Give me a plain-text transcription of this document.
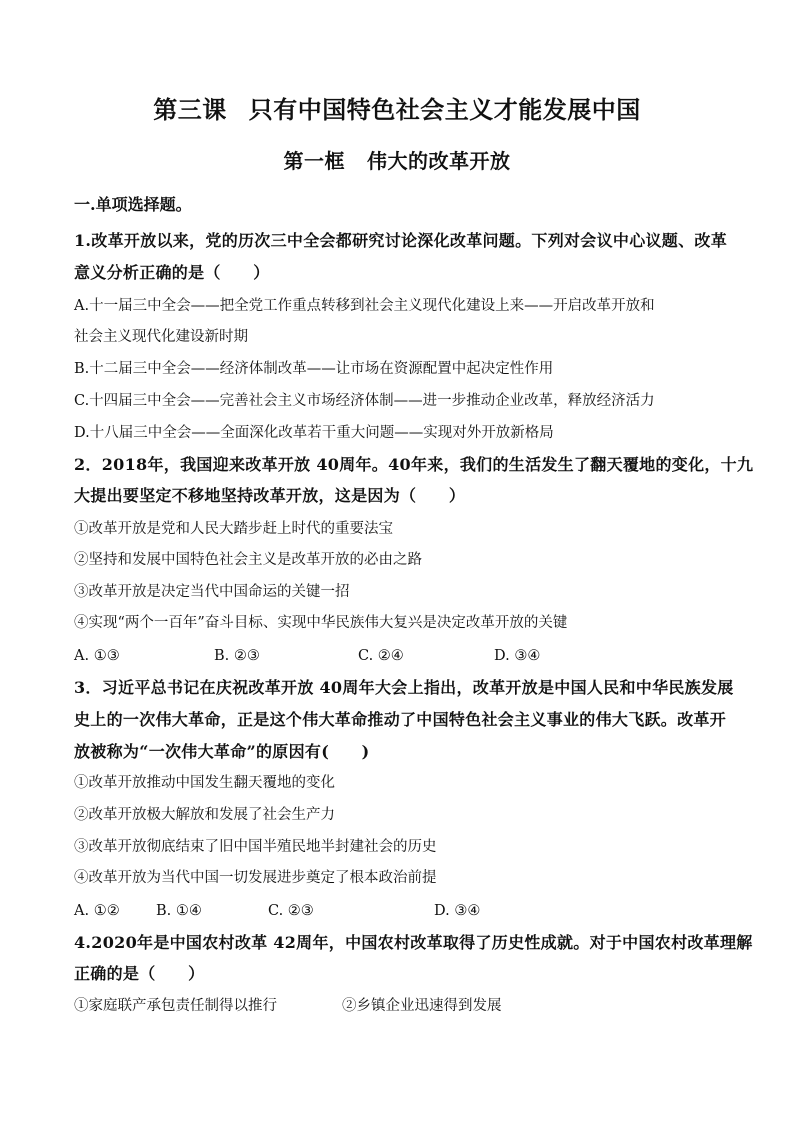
第三课 只有中国特色社会主义才能发展中国
第一框 伟大的改革开放
一.单项选择题。
1.改革开放以来，党的历次三中全会都研究讨论深化改革问题。下列对会议中心议题、改革
意义分析正确的是（　　）
A.十一届三中全会——把全党工作重点转移到社会主义现代化建设上来——开启改革开放和
社会主义现代化建设新时期
B.十二届三中全会——经济体制改革——让市场在资源配置中起决定性作用
C.十四届三中全会——完善社会主义市场经济体制——进一步推动企业改革，释放经济活力
D.十八届三中全会——全面深化改革若干重大问题——实现对外开放新格局
2．2018年，我国迎来改革开放 40周年。40年来，我们的生活发生了翻天覆地的变化，十九
大提出要坚定不移地坚持改革开放，这是因为（　　）
①改革开放是党和人民大踏步赶上时代的重要法宝
②坚持和发展中国特色社会主义是改革开放的必由之路
③改革开放是决定当代中国命运的关键一招
④实现“两个一百年”奋斗目标、实现中华民族伟大复兴是决定改革开放的关键
A. ①③	B. ②③	C. ②④	D. ③④
3．习近平总书记在庆祝改革开放 40周年大会上指出，改革开放是中国人民和中华民族发展
史上的一次伟大革命，正是这个伟大革命推动了中国特色社会主义事业的伟大飞跃。改革开
放被称为“一次伟大革命”的原因有(　　)
①改革开放推动中国发生翻天覆地的变化
②改革开放极大解放和发展了社会生产力
③改革开放彻底结束了旧中国半殖民地半封建社会的历史
④改革开放为当代中国一切发展进步奠定了根本政治前提
A. ①②	B. ①④	C. ②③	D. ③④
4.2020年是中国农村改革 42周年，中国农村改革取得了历史性成就。对于中国农村改革理解
正确的是（　　）
①家庭联产承包责任制得以推行	②乡镇企业迅速得到发展
